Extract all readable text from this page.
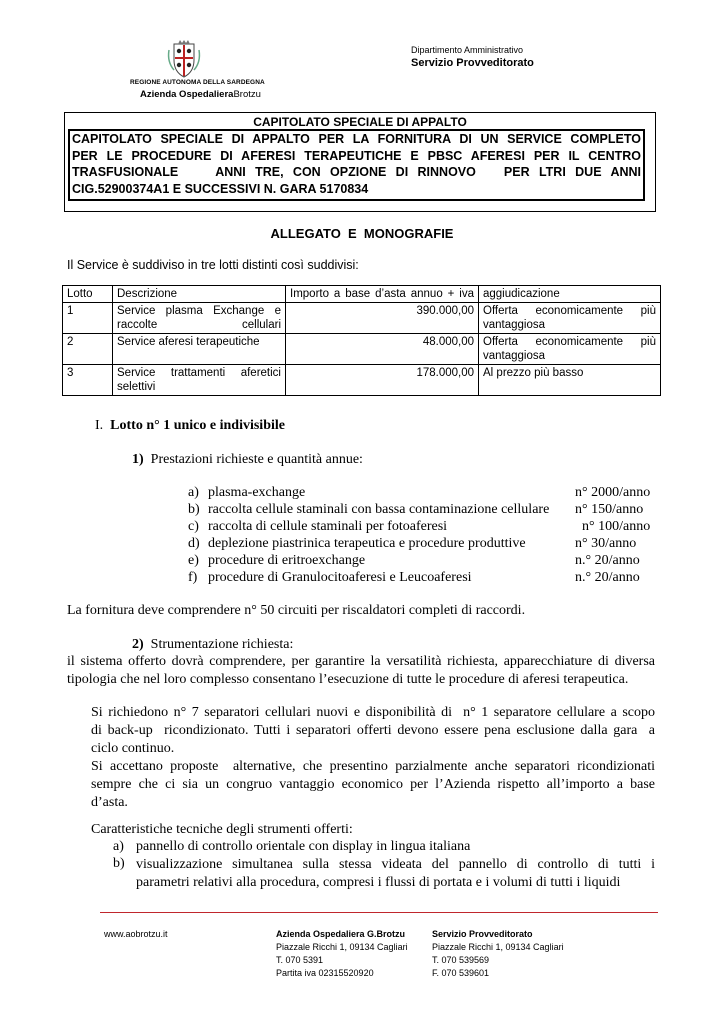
REGIONE AUTONOMA DELLA SARDEGNA
Azienda OspedalieraBrotzu
Dipartimento Amministrativo
Servizio Provveditorato
CAPITOLATO SPECIALE DI APPALTO
CAPITOLATO SPECIALE DI APPALTO PER LA FORNITURA DI UN SERVICE COMPLETO
PER LE PROCEDURE DI AFERESI TERAPEUTICHE E PBSC AFERESI PER IL CENTRO
TRASFUSIONALE    ANNI TRE, CON OPZIONE DI RINNOVO   PER LTRI DUE ANNI
CIG.52900374A1 E SUCCESSIVI N. GARA 5170834
ALLEGATO  E  MONOGRAFIE
Il Service è suddiviso in tre lotti distinti così suddivisi:
Lotto	Descrizione	Importo a base d’asta annuo + iva	aggiudicazione
1	Service plasma Exchange e raccolte cellulari	390.000,00	Offerta economicamente più vantaggiosa
2	Service aferesi terapeutiche	48.000,00	Offerta economicamente più vantaggiosa
3	Service trattamenti aferetici selettivi	178.000,00	Al prezzo più basso
I. Lotto n° 1 unico e indivisibile
1) Prestazioni richieste e quantità annue:
a) plasma-exchange	n° 2000/anno
b) raccolta cellule staminali con bassa contaminazione cellulare n° 150/anno
c) raccolta di cellule staminali per fotoaferesi	n° 100/anno
d) deplezione piastrinica terapeutica e procedure produttive	n° 30/anno
e) procedure di eritroexchange	n.° 20/anno
f) procedure di Granulocitoaferesi e Leucoaferesi	n.° 20/anno
La fornitura deve comprendere n° 50 circuiti per riscaldatori completi di raccordi.
2) Strumentazione richiesta:
il sistema offerto dovrà comprendere, per garantire la versatilità richiesta, apparecchiature di diversa
tipologia che nel loro complesso consentano l’esecuzione di tutte le procedure di aferesi terapeutica.
Si richiedono n° 7 separatori cellulari nuovi e disponibilità di  n° 1 separatore cellulare a scopo
di back-up  ricondizionato. Tutti i separatori offerti devono essere pena esclusione dalla gara  a
ciclo continuo.
Si accettano proposte  alternative, che presentino parzialmente anche separatori ricondizionati
sempre che ci sia un congruo vantaggio economico per l’Azienda rispetto all’importo a base
d’asta.
Caratteristiche tecniche degli strumenti offerti:
a) pannello di controllo orientale con display in lingua italiana
b) visualizzazione simultanea sulla stessa videata del pannello di controllo di tutti i
parametri relativi alla procedura, compresi i flussi di portata e i volumi di tutti i liquidi
www.aobrotzu.it	Azienda Ospedaliera G.Brotzu
Piazzale Ricchi 1, 09134 Cagliari
T. 070 5391
Partita iva 02315520920
Servizio Provveditorato
Piazzale Ricchi 1, 09134 Cagliari
T. 070 539569
F. 070 539601
